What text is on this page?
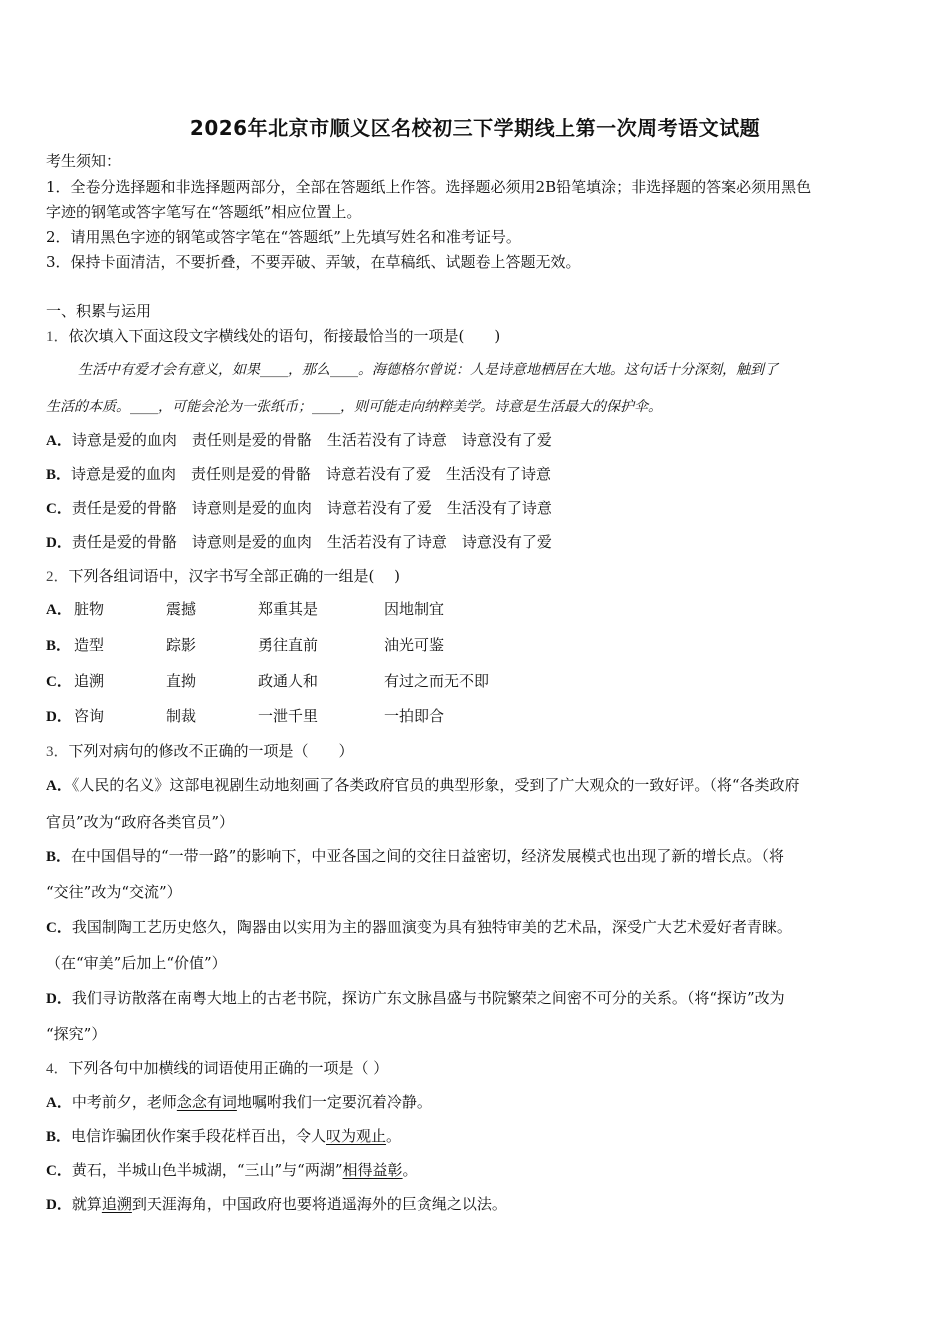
2026年北京市顺义区名校初三下学期线上第一次周考语文试题
考生须知：
1．全卷分选择题和非选择题两部分，全部在答题纸上作答。选择题必须用2B铅笔填涂；非选择题的答案必须用黑色
字迹的钢笔或答字笔写在“答题纸”相应位置上。
2．请用黑色字迹的钢笔或答字笔在“答题纸”上先填写姓名和准考证号。
3．保持卡面清洁，不要折叠，不要弄破、弄皱，在草稿纸、试题卷上答题无效。
一、积累与运用
1．依次填入下面这段文字横线处的语句，衔接最恰当的一项是(　　)
生活中有爱才会有意义，如果____，那么____。海德格尔曾说：人是诗意地栖居在大地。这句话十分深刻，触到了
生活的本质。____，可能会沦为一张纸币；____，则可能走向纳粹美学。诗意是生活最大的保护伞。
A．诗意是爱的血肉　责任则是爱的骨骼　生活若没有了诗意　诗意没有了爱
B．诗意是爱的血肉　责任则是爱的骨骼　诗意若没有了爱　生活没有了诗意
C．责任是爱的骨骼　诗意则是爱的血肉　诗意若没有了爱　生活没有了诗意
D．责任是爱的骨骼　诗意则是爱的血肉　生活若没有了诗意　诗意没有了爱
2．下列各组词语中，汉字书写全部正确的一组是(　 )
A． 脏物	震撼	郑重其是	因地制宜
B． 造型	踪影	勇往直前	油光可鉴
C． 追溯	直拗	政通人和	有过之而无不即
D． 咨询	制裁	一泄千里	一拍即合
3．下列对病句的修改不正确的一项是（　　）
A．《人民的名义》这部电视剧生动地刻画了各类政府官员的典型形象，受到了广大观众的一致好评。（将“各类政府
官员”改为“政府各类官员”）
B．在中国倡导的“一带一路”的影响下，中亚各国之间的交往日益密切，经济发展模式也出现了新的增长点。（将
“交往”改为“交流”）
C．我国制陶工艺历史悠久，陶器由以实用为主的器皿演变为具有独特审美的艺术品，深受广大艺术爱好者青睐。
（在“审美”后加上“价值”）
D．我们寻访散落在南粤大地上的古老书院，探访广东文脉昌盛与书院繁荣之间密不可分的关系。（将“探访”改为
“探究”）
4．下列各句中加横线的词语使用正确的一项是（ ）
A．中考前夕，老师念念有词地嘱咐我们一定要沉着冷静。
B．电信诈骗团伙作案手段花样百出，令人叹为观止。
C．黄石，半城山色半城湖，“三山”与“两湖”相得益彰。
D．就算追溯到天涯海角，中国政府也要将逍遥海外的巨贪绳之以法。
